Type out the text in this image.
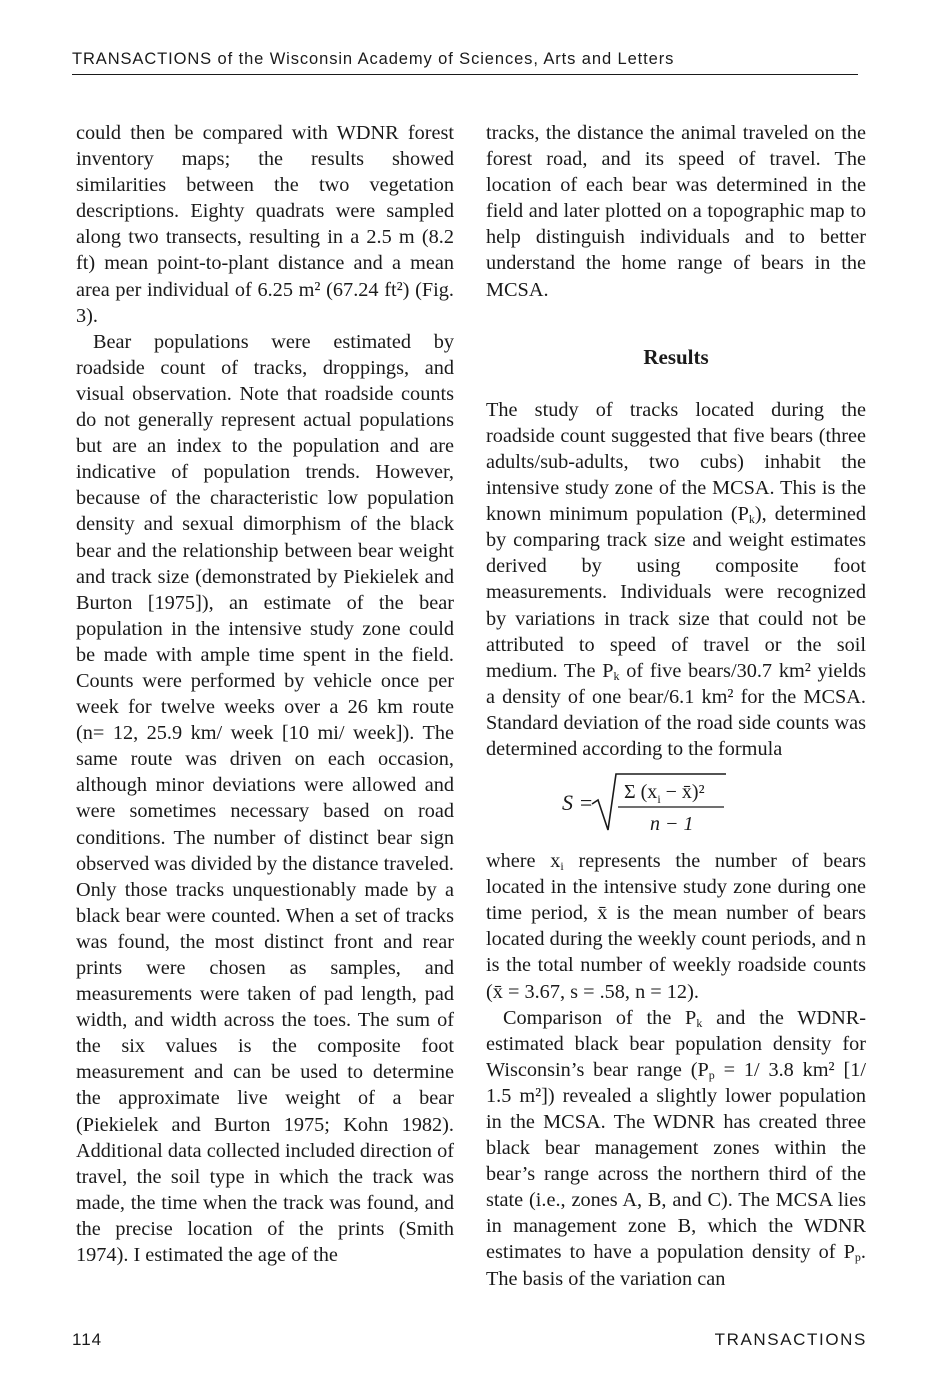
TRANSACTIONS of the Wisconsin Academy of Sciences, Arts and Letters

could then be compared with WDNR forest inventory maps; the results showed similarities between the two vegetation descriptions. Eighty quadrats were sampled along two transects, resulting in a 2.5 m (8.2 ft) mean point-to-plant distance and a mean area per individual of 6.25 m² (67.24 ft²) (Fig. 3).

Bear populations were estimated by roadside count of tracks, droppings, and visual observation. Note that roadside counts do not generally represent actual populations but are an index to the population and are indicative of population trends. However, because of the characteristic low population density and sexual dimorphism of the black bear and the relationship between bear weight and track size (demonstrated by Piekielek and Burton [1975]), an estimate of the bear population in the intensive study zone could be made with ample time spent in the field. Counts were performed by vehicle once per week for twelve weeks over a 26 km route (n= 12, 25.9 km/ week [10 mi/ week]). The same route was driven on each occasion, although minor deviations were allowed and were sometimes necessary based on road conditions. The number of distinct bear sign observed was divided by the distance traveled. Only those tracks unquestionably made by a black bear were counted. When a set of tracks was found, the most distinct front and rear prints were chosen as samples, and measurements were taken of pad length, pad width, and width across the toes. The sum of the six values is the composite foot measurement and can be used to determine the approximate live weight of a bear (Piekielek and Burton 1975; Kohn 1982). Additional data collected included direction of travel, the soil type in which the track was made, the time when the track was found, and the precise location of the prints (Smith 1974). I estimated the age of the

tracks, the distance the animal traveled on the forest road, and its speed of travel. The location of each bear was determined in the field and later plotted on a topographic map to help distinguish individuals and to better understand the home range of bears in the MCSA.

Results

The study of tracks located during the roadside count suggested that five bears (three adults/sub-adults, two cubs) inhabit the intensive study zone of the MCSA. This is the known minimum population $(P_k)$, determined by comparing track size and weight estimates derived by using composite foot measurements. Individuals were recognized by variations in track size that could not be attributed to speed of travel or the soil medium. The $P_k$ of five bears/30.7 km² yields a density of one bear/6.1 km² for the MCSA. Standard deviation of the road side counts was determined according to the formula

S = Σ ($x_i$ − x̄)²
n − 1

where $x_i$ represents the number of bears located in the intensive study zone during one time period, x̄ is the mean number of bears located during the weekly count periods, and n is the total number of weekly roadside counts (x̄ = 3.67, s = .58, n = 12).

Comparison of the $P_k$ and the WDNR-estimated black bear population density for Wisconsin’s bear range ($P_p = 1/$ 3.8 km² [1/ 1.5 m²]) revealed a slightly lower population in the MCSA. The WDNR has created three black bear management zones within the bear’s range across the northern third of the state (i.e., zones A, B, and C). The MCSA lies in management zone B, which the WDNR estimates to have a population density of $P_p$. The basis of the variation can

114	TRANSACTIONS
